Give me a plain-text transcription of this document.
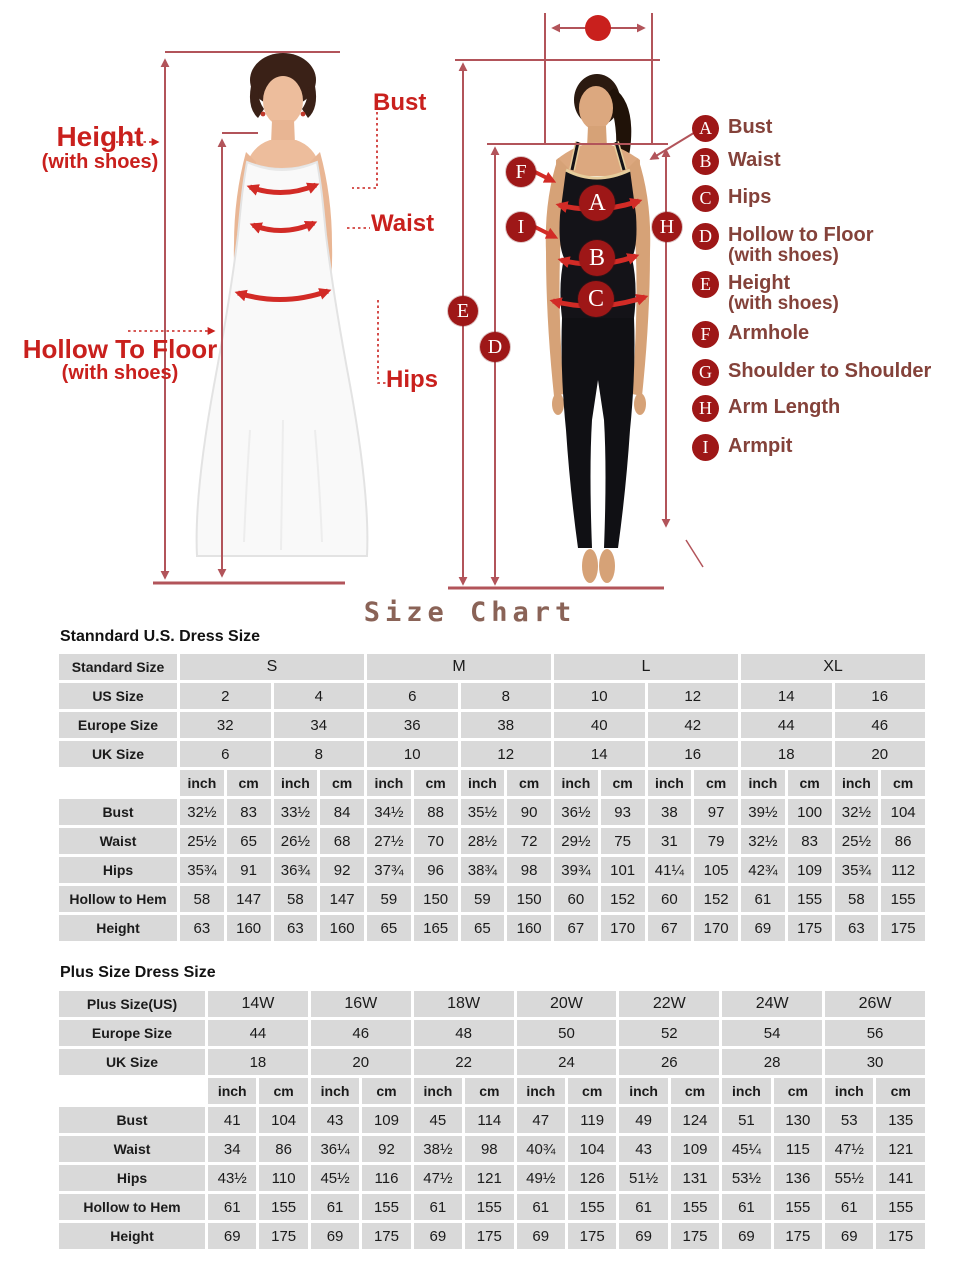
Height
(with shoes)
Bust
Waist
Hips
Hollow To Floor
(with shoes)
A
B
C
D
E
F
H
I
A Bust
B Waist
C Hips
D Hollow to Floor
(with shoes)
E Height
(with shoes)
F Armhole
G Shoulder to Shoulder
H Arm Length
I Armpit
Size Chart
Stanndard U.S. Dress Size
Standard Size	S				M				L				XL			
US Size	2		4		6		8		10		12		14		16	
Europe Size	32		34		36		38		40		42		44		46	
UK Size	6		8		10		12		14		16		18		20	
	inch	cm	inch	cm	inch	cm	inch	cm	inch	cm	inch	cm	inch	cm	inch	cm
Bust	32½	83	33½	84	34½	88	35½	90	36½	93	38	97	39½	100	32½	104
Waist	25½	65	26½	68	27½	70	28½	72	29½	75	31	79	32½	83	25½	86
Hips	35¾	91	36¾	92	37¾	96	38¾	98	39¾	101	41¼	105	42¾	109	35¾	112
Hollow to Hem	58	147	58	147	59	150	59	150	60	152	60	152	61	155	58	155
Height	63	160	63	160	65	165	65	160	67	170	67	170	69	175	63	175
Plus Size Dress Size
Plus Size(US)	14W		16W		18W		20W		22W		24W		26W	
Europe Size	44		46		48		50		52		54		56	
UK Size	18		20		22		24		26		28		30	
	inch	cm	inch	cm	inch	cm	inch	cm	inch	cm	inch	cm	inch	cm
Bust	41	104	43	109	45	114	47	119	49	124	51	130	53	135
Waist	34	86	36¼	92	38½	98	40¾	104	43	109	45¼	115	47½	121
Hips	43½	110	45½	116	47½	121	49½	126	51½	131	53½	136	55½	141
Hollow to Hem	61	155	61	155	61	155	61	155	61	155	61	155	61	155
Height	69	175	69	175	69	175	69	175	69	175	69	175	69	175
